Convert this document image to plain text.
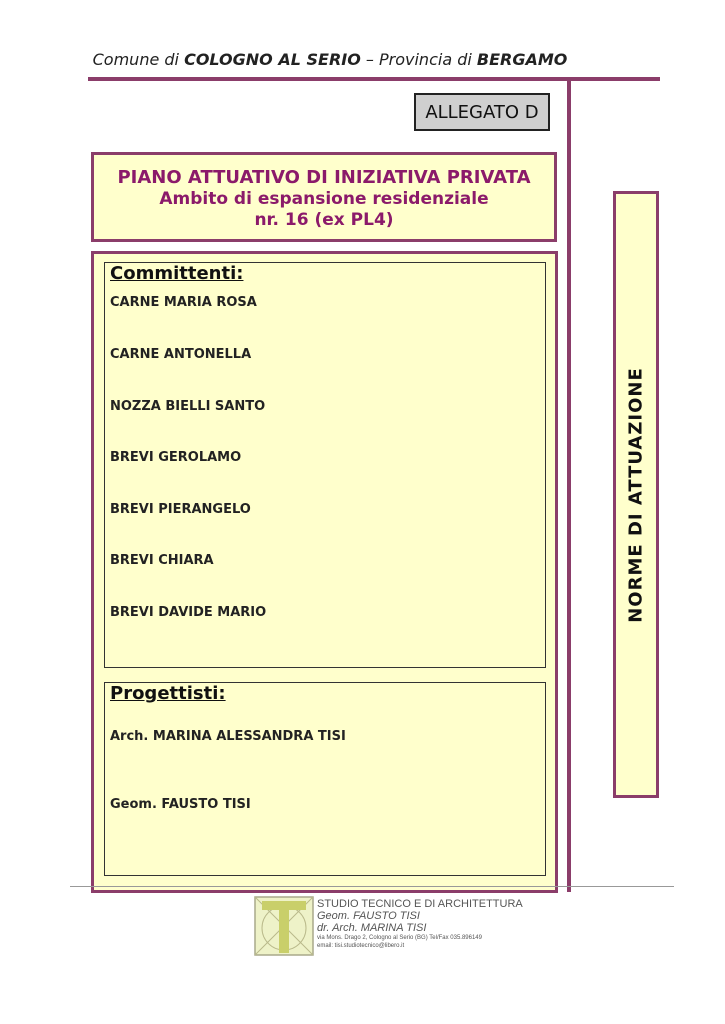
Comune di COLOGNO AL SERIO – Provincia di BERGAMO
ALLEGATO D
PIANO ATTUATIVO DI INIZIATIVA PRIVATA
Ambito di espansione residenziale
nr. 16 (ex PL4)
Committenti:
CARNE MARIA ROSA
CARNE ANTONELLA
NOZZA BIELLI SANTO
BREVI GEROLAMO
BREVI PIERANGELO
BREVI CHIARA
BREVI DAVIDE MARIO
Progettisti:
Arch. MARINA ALESSANDRA TISI
Geom. FAUSTO TISI
NORME DI ATTUAZIONE
STUDIO TECNICO E DI ARCHITETTURA
Geom. FAUSTO TISI
dr. Arch. MARINA TISI
via Mons. Drago 2, Cologno al Serio (BG) Tel/Fax 035.896149
email: tisi.studiotecnico@libero.it
